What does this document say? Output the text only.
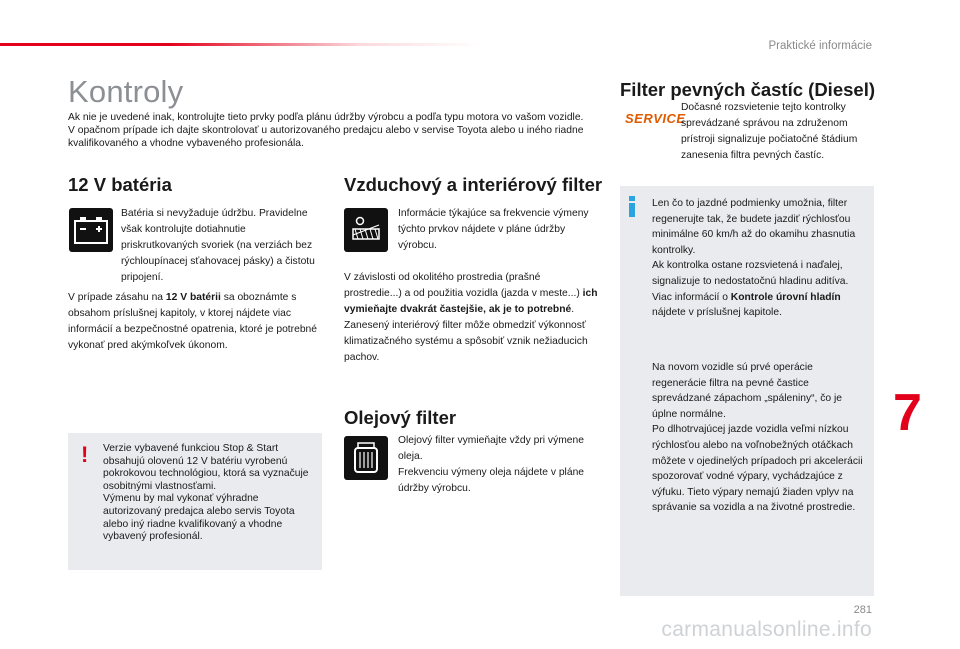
Praktické informácie
Kontroly
Ak nie je uvedené inak, kontrolujte tieto prvky podľa plánu údržby výrobcu a podľa typu motora vo vašom vozidle.
V opačnom prípade ich dajte skontrolovať u autorizovaného predajcu alebo v servise Toyota alebo u iného riadne kvalifikovaného a vhodne vybaveného profesionála.
12 V batéria
Batéria si nevyžaduje údržbu. Pravidelne však kontrolujte dotiahnutie priskrutkovaných svoriek (na verziách bez rýchloupínacej sťahovacej pásky) a čistotu pripojení.
V prípade zásahu na 12 V batérii sa oboznámte s obsahom príslušnej kapitoly, v ktorej nájdete viac informácií a bezpečnostné opatrenia, ktoré je potrebné vykonať pred akýmkoľvek úkonom.
! Verzie vybavené funkciou Stop & Start obsahujú olovenú 12 V batériu vyrobenú pokrokovou technológiou, ktorá sa vyznačuje osobitnými vlastnosťami.
Výmenu by mal vykonať výhradne autorizovaný predajca alebo servis Toyota alebo iný riadne kvalifikovaný a vhodne vybavený profesionál.
Vzduchový a interiérový filter
Informácie týkajúce sa frekvencie výmeny týchto prvkov nájdete v pláne údržby výrobcu.
V závislosti od okolitého prostredia (prašné prostredie...) a od použitia vozidla (jazda v meste...) ich vymieňajte dvakrát častejšie, ak je to potrebné.
Zanesený interiérový filter môže obmedziť výkonnosť klimatizačného systému a spôsobiť vznik nežiaducich pachov.
Olejový filter
Olejový filter vymieňajte vždy pri výmene oleja.
Frekvenciu výmeny oleja nájdete v pláne údržby výrobcu.
Filter pevných častíc (Diesel)
SERVICE
Dočasné rozsvietenie tejto kontrolky sprevádzané správou na združenom prístroji signalizuje počiatočné štádium zanesenia filtra pevných častíc.
Len čo to jazdné podmienky umožnia, filter regenerujte tak, že budete jazdiť rýchlosťou minimálne 60 km/h až do okamihu zhasnutia kontrolky.
Ak kontrolka ostane rozsvietená i naďalej, signalizuje to nedostatočnú hladinu aditíva.
Viac informácií o Kontrole úrovní hladín nájdete v príslušnej kapitole.
Na novom vozidle sú prvé operácie regenerácie filtra na pevné častice sprevádzané zápachom „spáleniny“, čo je úplne normálne.
Po dlhotrvajúcej jazde vozidla veľmi nízkou rýchlosťou alebo na voľnobežných otáčkach môžete v ojedinelých prípadoch pri akcelerácii spozorovať vodné výpary, vychádzajúce z výfuku. Tieto výpary nemajú žiaden vplyv na správanie sa vozidla a na životné prostredie.
7
281
carmanualsonline.info
